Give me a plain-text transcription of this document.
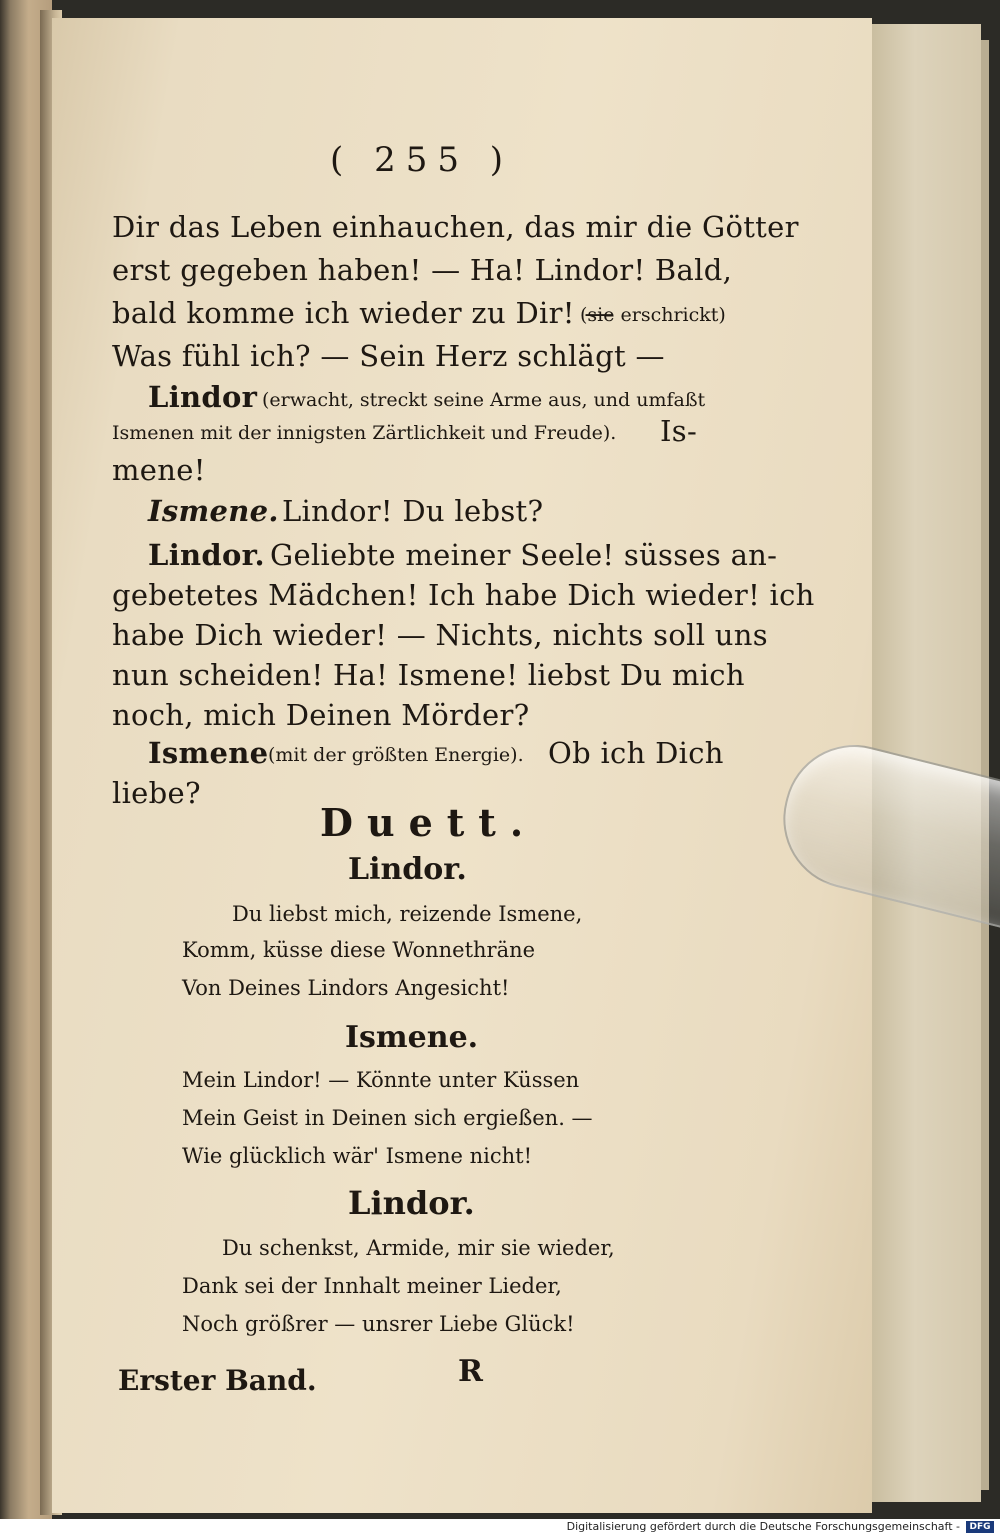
( 255 )
Dir das Leben einhauchen, das mir die Götter
erst gegeben haben! — Ha! Lindor! Bald,
bald komme ich wieder zu Dir! —
(sie erschrickt)
Was fühl ich? — Sein Herz schlägt —
Lindor (erwacht, streckt seine Arme aus, und umfaßt
Ismenen mit der innigsten Zärtlichkeit und Freude). Is-
mene!
Ismene. Lindor! Du lebst?
Lindor. Geliebte meiner Seele! süsses an-
gebetetes Mädchen! Ich habe Dich wieder! ich
habe Dich wieder! — Nichts, nichts soll uns
nun scheiden! Ha! Ismene! liebst Du mich
noch, mich Deinen Mörder?
Ismene (mit der größten Energie). Ob ich Dich
liebe?
Duett.
Lindor.
Du liebst mich, reizende Ismene,
Komm, küsse diese Wonnethräne
Von Deines Lindors Angesicht!
Ismene.
Mein Lindor! — Könnte unter Küssen
Mein Geist in Deinen sich ergießen. —
Wie glücklich wär' Ismene nicht!
Lindor.
Du schenkst, Armide, mir sie wieder,
Dank sei der Innhalt meiner Lieder,
Noch größrer — unsrer Liebe Glück!
Erster Band.	R
Digitalisierung gefördert durch die Deutsche Forschungsgemeinschaft -	DFG
